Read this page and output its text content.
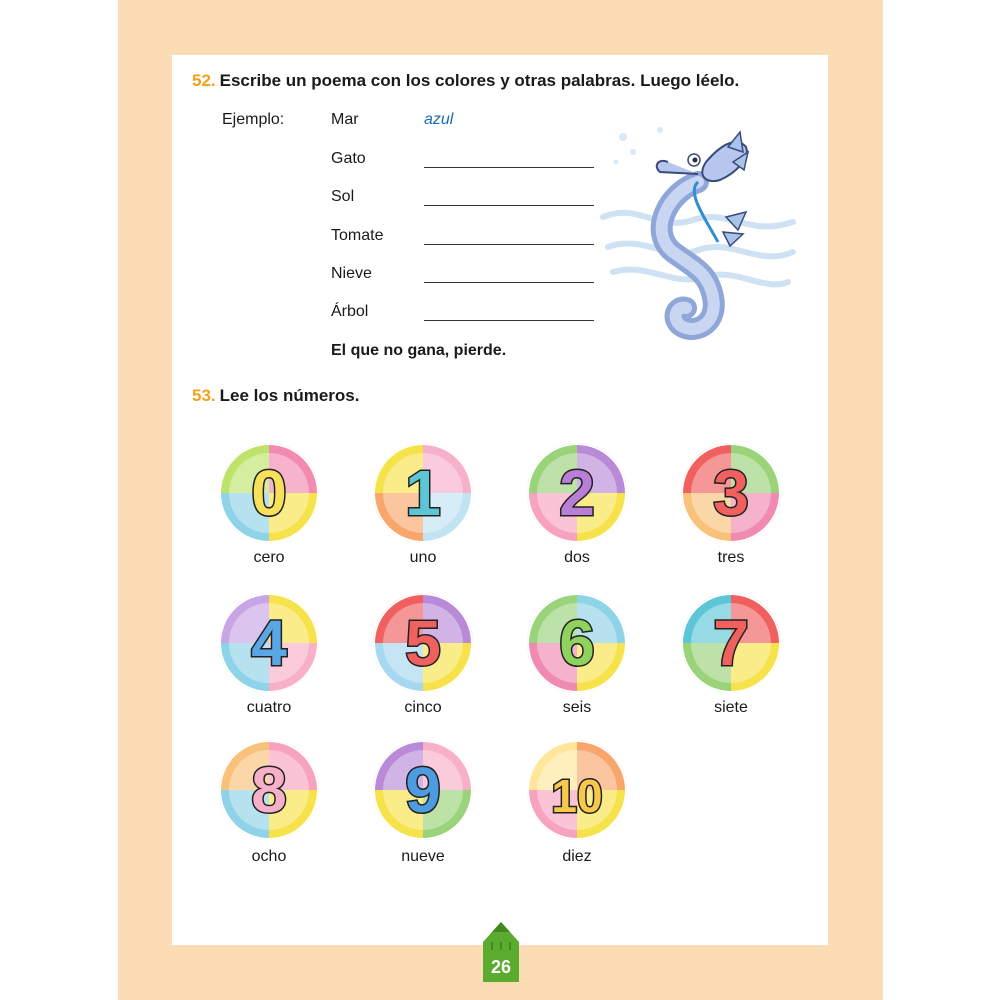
52. Escribe un poema con los colores y otras palabras. Luego léelo.
Ejemplo:	Mar	azul
Gato
Sol
Tomate
Nieve
Árbol
El que no gana, pierde.
53. Lee los números.
0
cero
1
uno
2
dos
3
tres
4
cuatro
5
cinco
6
seis
7
siete
8
ocho
9
nueve
10
diez
26
